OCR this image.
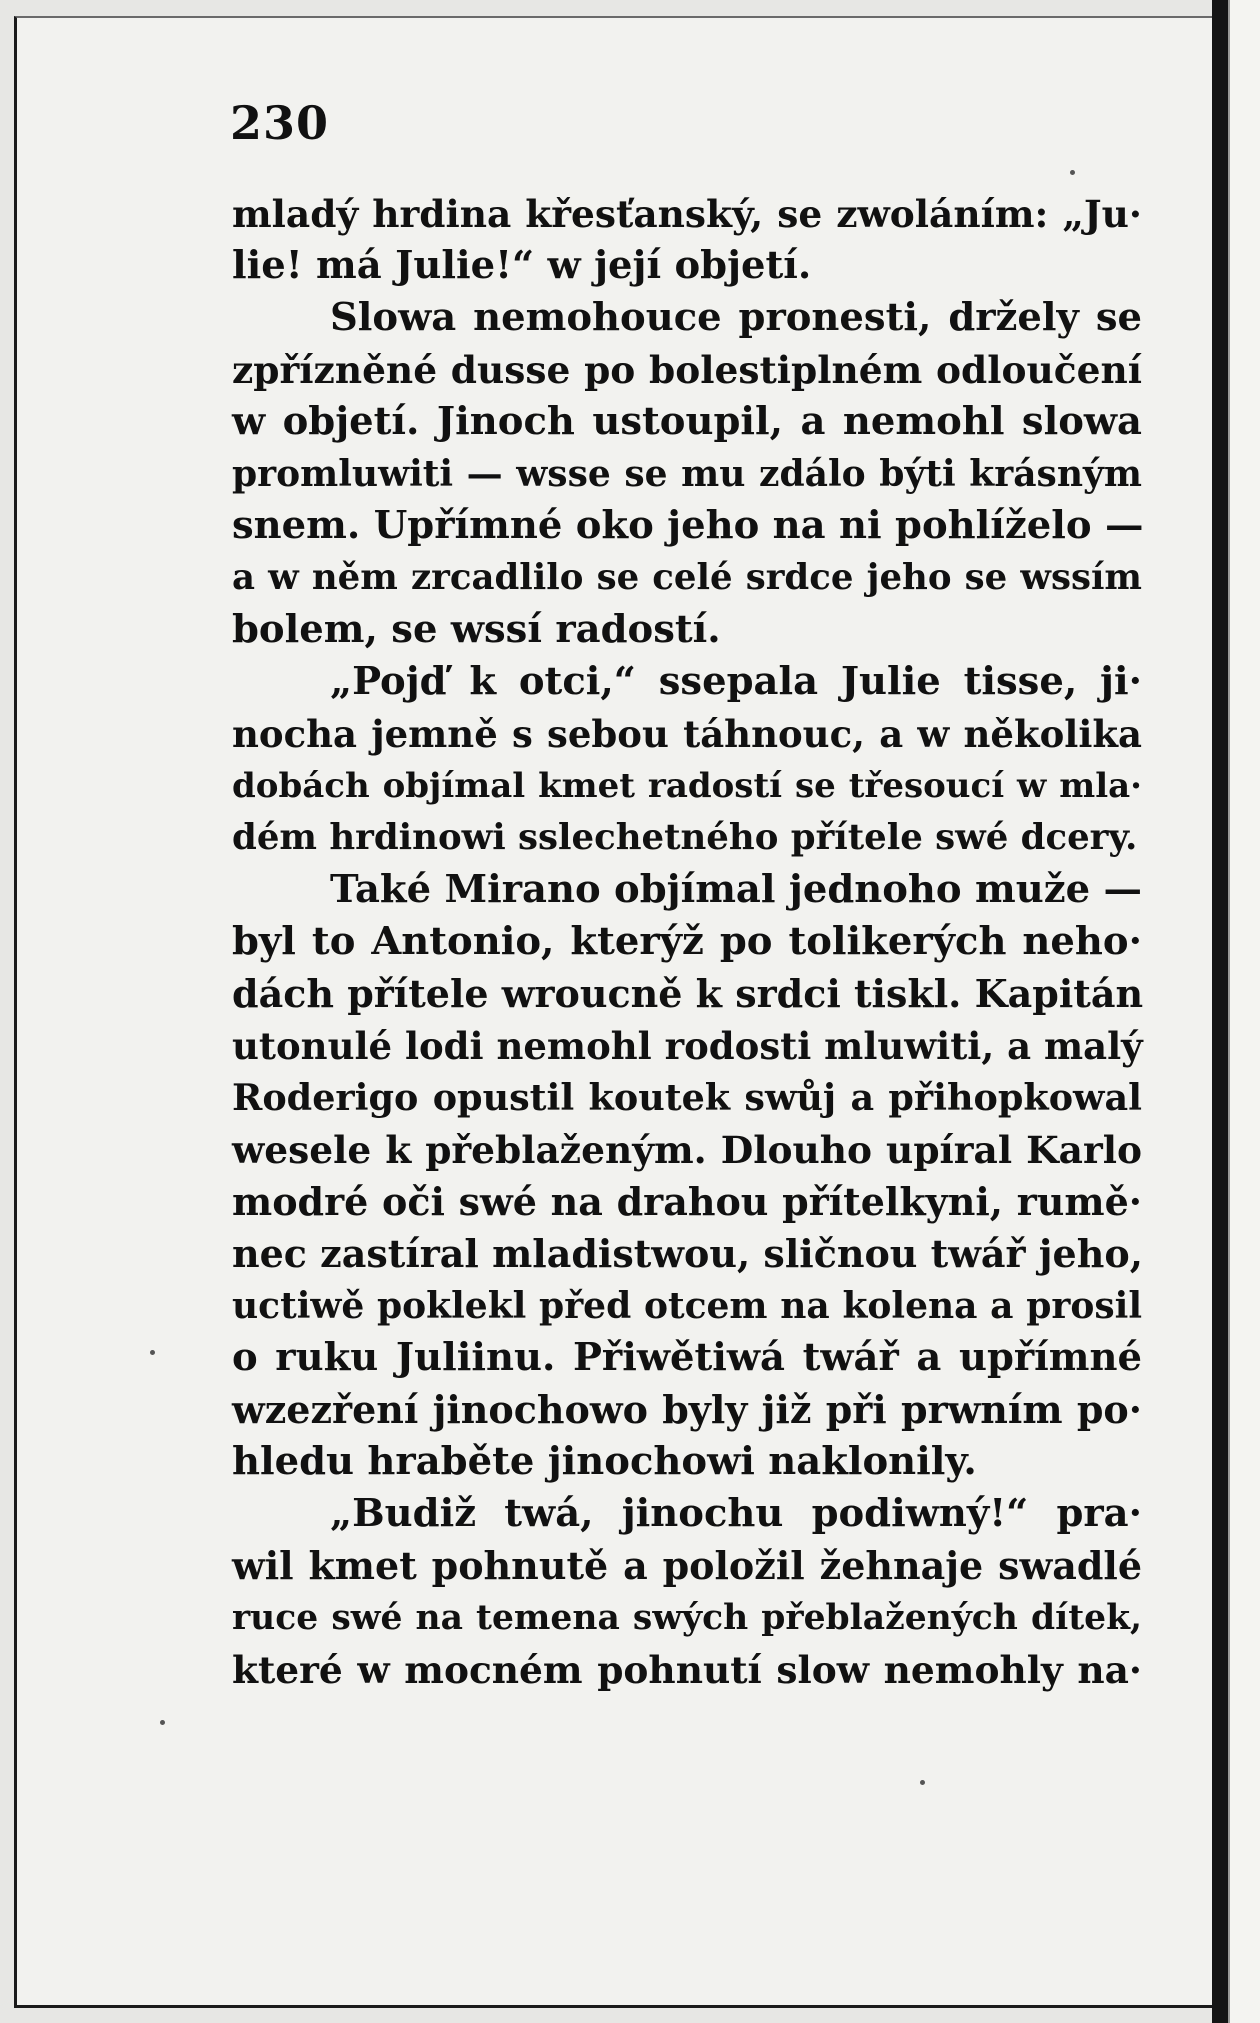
230
mladý hrdina křesťanský, se zwoláním: „Ju·
lie! má Julie!“ w její objetí.
Slowa nemohouce pronesti, držely se
zpřízněné dusse po bolestiplném odloučení
w objetí. Jinoch ustoupil, a nemohl slowa
promluwiti — wsse se mu zdálo býti krásným
snem. Upřímné oko jeho na ni pohlíželo —
a w něm zrcadlilo se celé srdce jeho se wssím
bolem, se wssí radostí.
„Pojď k otci,“ ssepala Julie tisse, ji·
nocha jemně s sebou táhnouc, a w několika
dobách objímal kmet radostí se třesoucí w mla·
dém hrdinowi sslechetného přítele swé dcery.
Také Mirano objímal jednoho muže —
byl to Antonio, kterýž po tolikerých neho·
dách přítele wroucně k srdci tiskl. Kapitán
utonulé lodi nemohl rodosti mluwiti, a malý
Roderigo opustil koutek swůj a přihopkowal
wesele k přeblaženým. Dlouho upíral Karlo
modré oči swé na drahou přítelkyni, rumě·
nec zastíral mladistwou, sličnou twář jeho,
uctiwě poklekl před otcem na kolena a prosil
o ruku Juliinu. Přiwětiwá twář a upřímné
wzezření jinochowo byly již při prwním po·
hledu hraběte jinochowi naklonily.
„Budiž twá, jinochu podiwný!“ pra·
wil kmet pohnutě a položil žehnaje swadlé
ruce swé na temena swých přeblažených dítek,
které w mocném pohnutí slow nemohly na·
